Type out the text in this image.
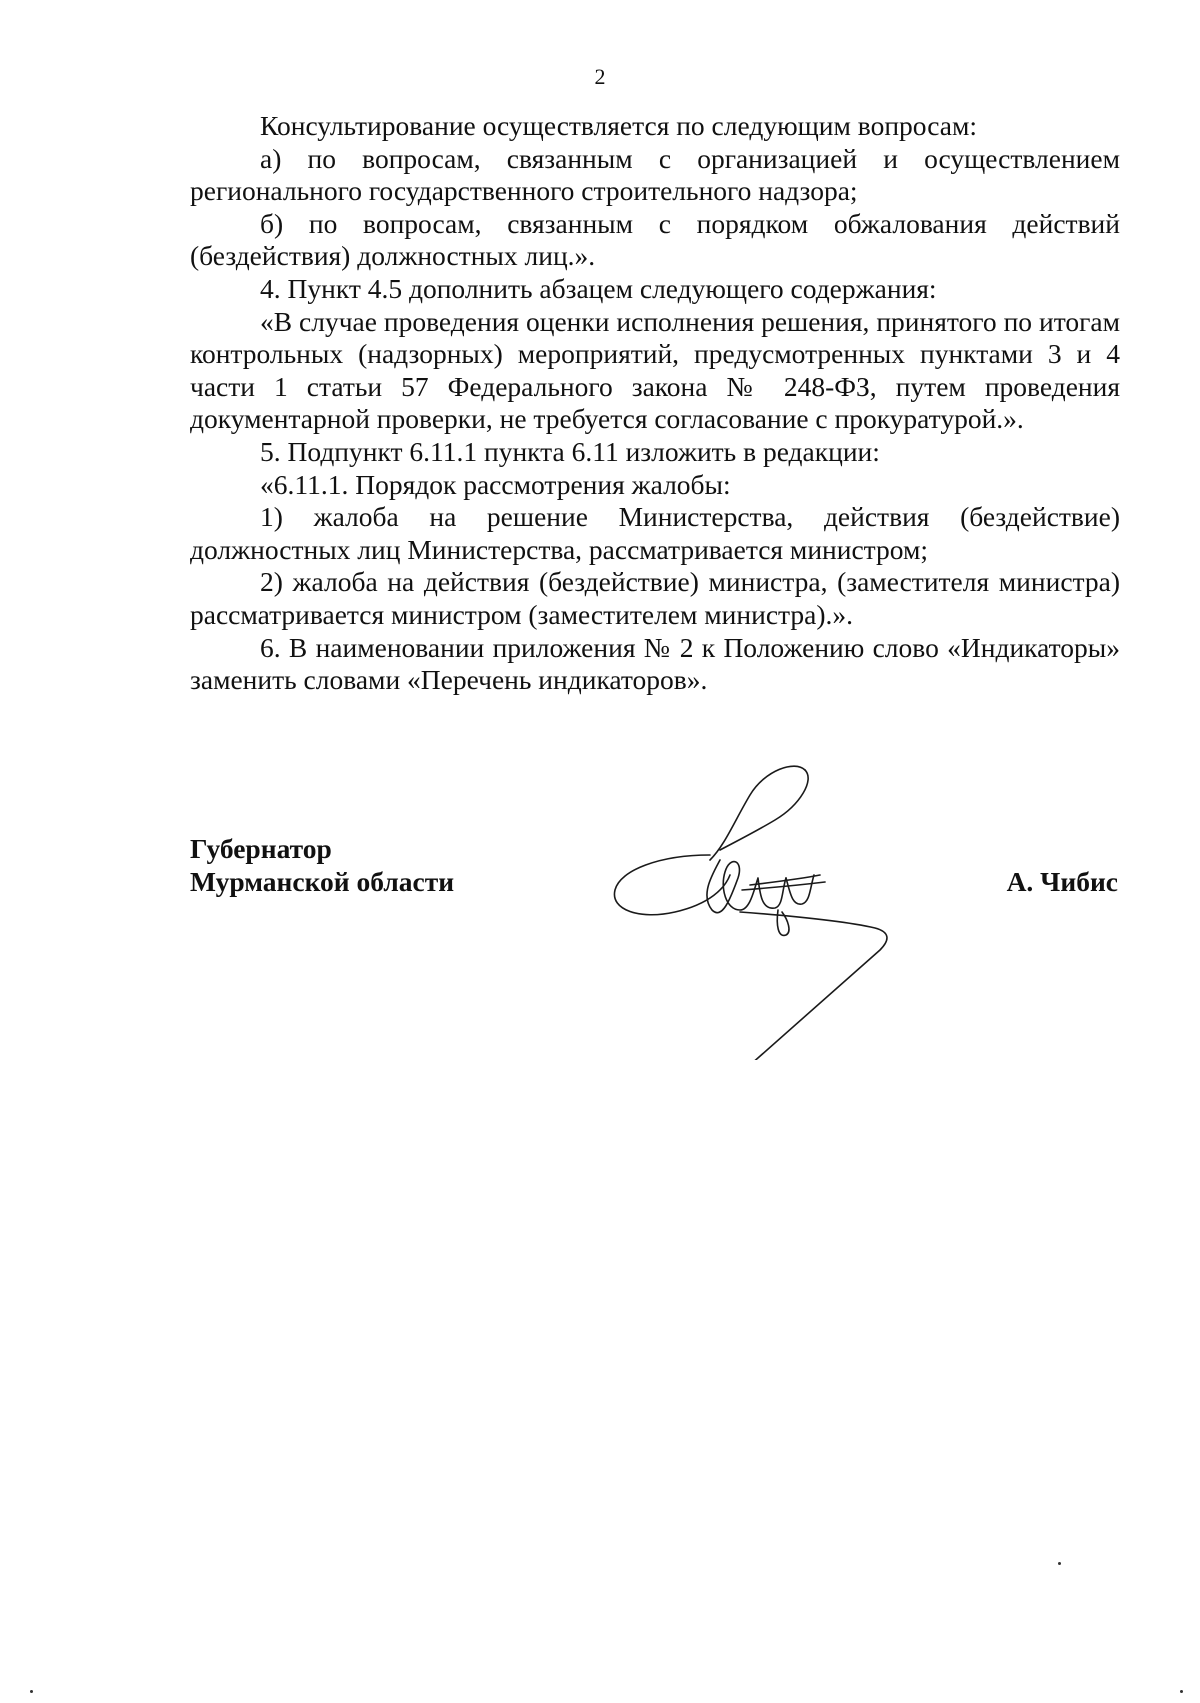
2

Консультирование осуществляется по следующим вопросам:

а) по вопросам, связанным с организацией и осуществлением регионального государственного строительного надзора;

б) по вопросам, связанным с порядком обжалования действий (бездействия) должностных лиц.».

4. Пункт 4.5 дополнить абзацем следующего содержания:

«В случае проведения оценки исполнения решения, принятого по итогам контрольных (надзорных) мероприятий, предусмотренных пунктами 3 и 4 части 1 статьи 57 Федерального закона № 248-ФЗ, путем проведения документарной проверки, не требуется согласование с прокуратурой.».

5. Подпункт 6.11.1 пункта 6.11 изложить в редакции:

«6.11.1. Порядок рассмотрения жалобы:

1) жалоба на решение Министерства, действия (бездействие) должностных лиц Министерства, рассматривается министром;

2) жалоба на действия (бездействие) министра, (заместителя министра) рассматривается министром (заместителем министра).».

6. В наименовании приложения № 2 к Положению слово «Индикаторы» заменить словами «Перечень индикаторов».

Губернатор
Мурманской области	А. Чибис
